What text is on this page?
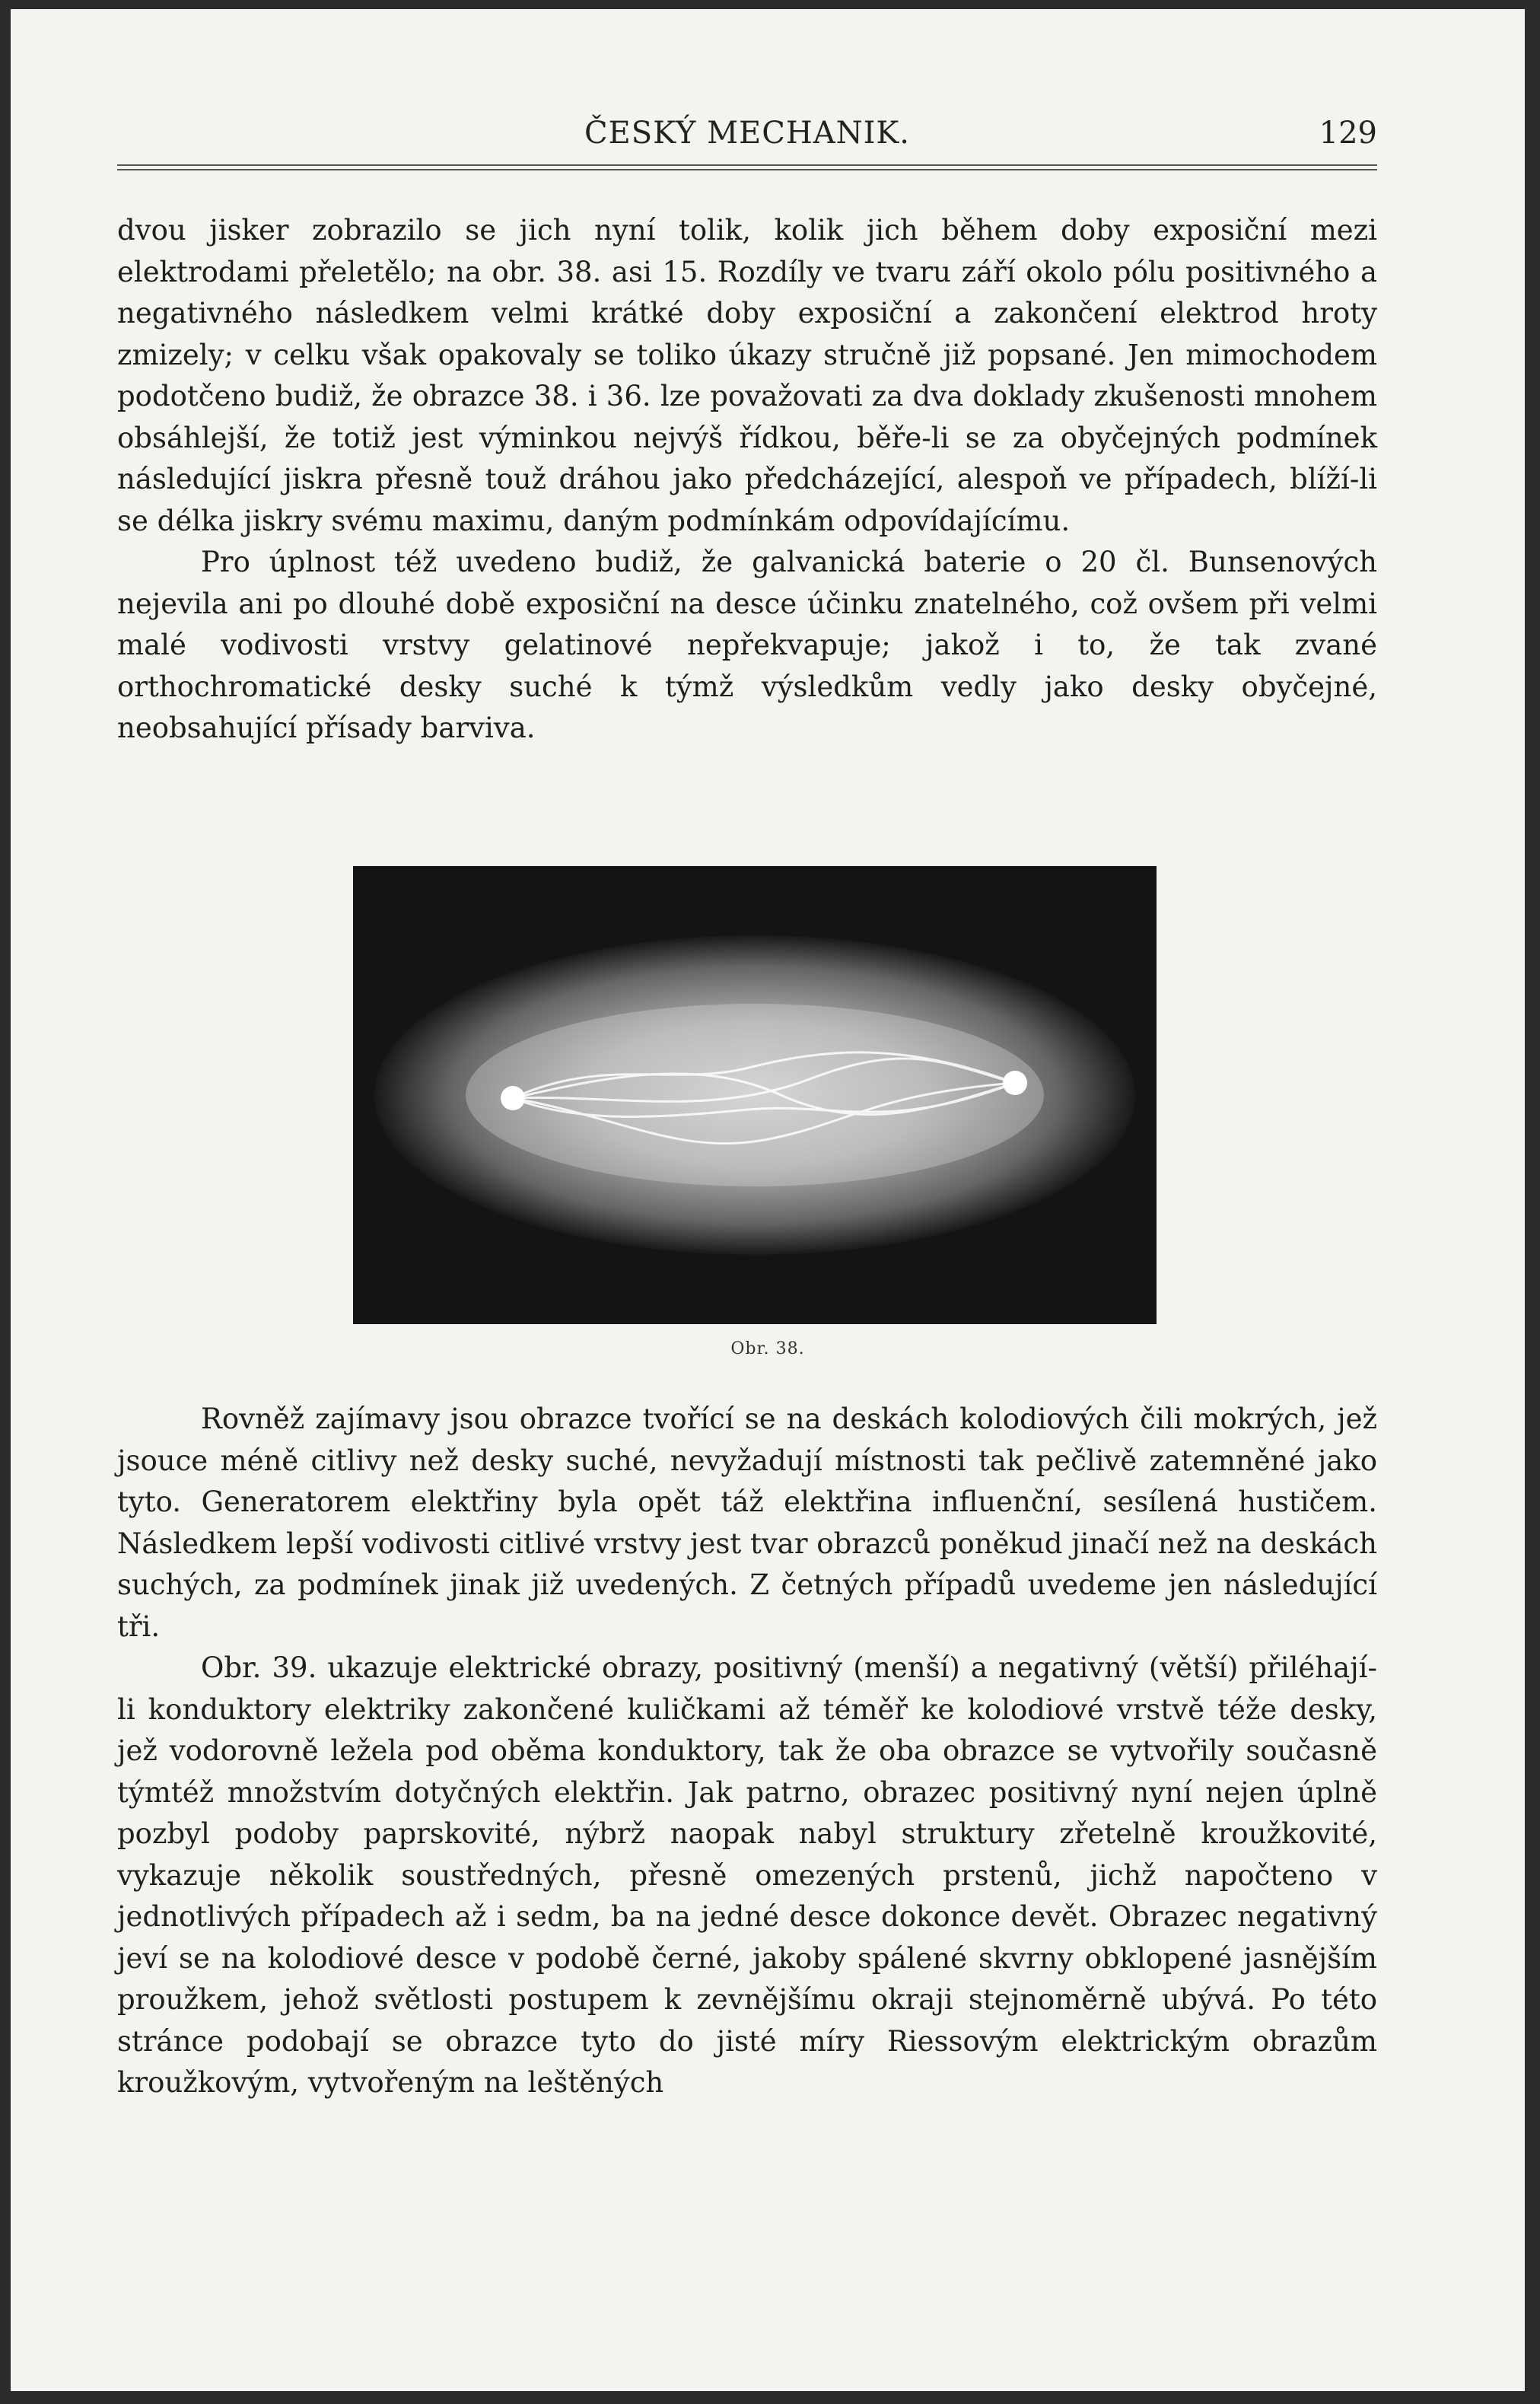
ČESKÝ MECHANIK.	129

dvou jisker zobrazilo se jich nyní tolik, kolik jich během doby exposiční mezi elektrodami přeletělo; na obr. 38. asi 15. Rozdíly ve tvaru září okolo pólu positivného a negativného následkem velmi krátké doby exposiční a zakončení elektrod hroty zmizely; v celku však opakovaly se toliko úkazy stručně již popsané. Jen mimochodem podotčeno budiž, že obrazce 38. i 36. lze považovati za dva doklady zkušenosti mnohem obsáhlejší, že totiž jest výminkou nejvýš řídkou, běře-li se za obyčejných podmínek následující jiskra přesně touž dráhou jako předcházející, alespoň ve případech, blíží-li se délka jiskry svému maximu, daným podmínkám odpovídajícímu.

Pro úplnost též uvedeno budiž, že galvanická baterie o 20 čl. Bunsenových nejevila ani po dlouhé době exposiční na desce účinku znatelného, což ovšem při velmi malé vodivosti vrstvy gelatinové nepřekvapuje; jakož i to, že tak zvané orthochromatické desky suché k týmž výsledkům vedly jako desky obyčejné, neobsahující přísady barviva.

Obr. 38.

Rovněž zajímavy jsou obrazce tvořící se na deskách kolodiových čili mokrých, jež jsouce méně citlivy než desky suché, nevyžadují místnosti tak pečlivě zatemněné jako tyto. Generatorem elektřiny byla opět táž elektřina influenční, sesílená hustičem. Následkem lepší vodivosti citlivé vrstvy jest tvar obrazců poněkud jinačí než na deskách suchých, za podmínek jinak již uvedených. Z četných případů uvedeme jen následující tři.

Obr. 39. ukazuje elektrické obrazy, positivný (menší) a negativný (větší) přiléhají-li konduktory elektriky zakončené kuličkami až téměř ke kolodiové vrstvě téže desky, jež vodorovně ležela pod oběma konduktory, tak že oba obrazce se vytvořily současně týmtéž množstvím dotyčných elektřin. Jak patrno, obrazec positivný nyní nejen úplně pozbyl podoby paprskovité, nýbrž naopak nabyl struktury zřetelně kroužkovité, vykazuje několik soustředných, přesně omezených prstenů, jichž napočteno v jednotlivých případech až i sedm, ba na jedné desce dokonce devět. Obrazec negativný jeví se na kolodiové desce v podobě černé, jakoby spálené skvrny obklopené jasnějším proužkem, jehož světlosti postupem k zevnějšímu okraji stejnoměrně ubývá. Po této stránce podobají se obrazce tyto do jisté míry Riessovým elektrickým obrazům kroužkovým, vytvořeným na leštěných
